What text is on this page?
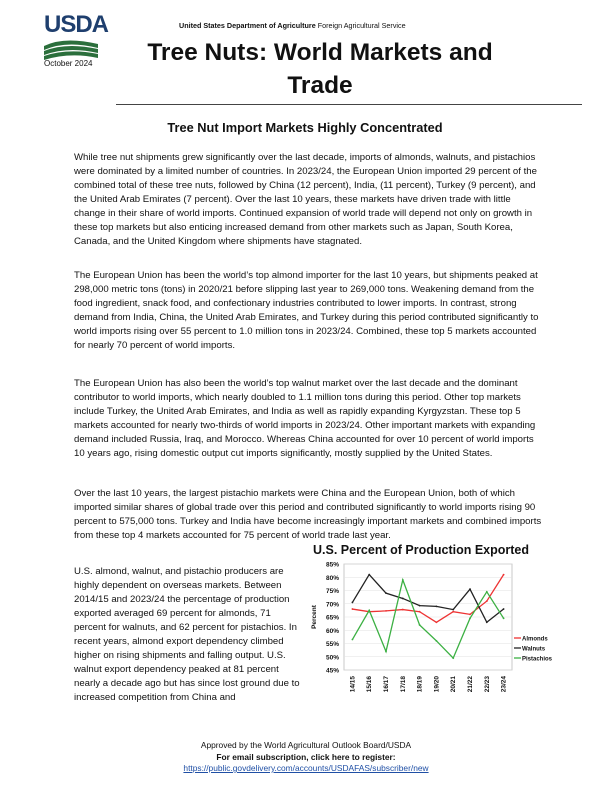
USDA
October 2024
United States Department of Agriculture Foreign Agricultural Service
Tree Nuts: World Markets and Trade
Tree Nut Import Markets Highly Concentrated

While tree nut shipments grew significantly over the last decade, imports of almonds, walnuts, and pistachios were dominated by a limited number of countries. In 2023/24, the European Union imported 29 percent of the combined total of these tree nuts, followed by China (12 percent), India, (11 percent), Turkey (9 percent), and the United Arab Emirates (7 percent). Over the last 10 years, these markets have driven trade with little change in their share of world imports. Continued expansion of world trade will depend not only on growth in these top markets but also enticing increased demand from other markets such as Japan, South Korea, Canada, and the United Kingdom where shipments have stagnated.

The European Union has been the world’s top almond importer for the last 10 years, but shipments peaked at 298,000 metric tons (tons) in 2020/21 before slipping last year to 269,000 tons. Weakening demand from the food ingredient, snack food, and confectionary industries contributed to lower imports. In contrast, strong demand from India, China, the United Arab Emirates, and Turkey during this period contributed significantly to world imports rising over 55 percent to 1.0 million tons in 2023/24. Combined, these top 5 markets accounted for nearly 70 percent of world imports.

The European Union has also been the world’s top walnut market over the last decade and the dominant contributor to world imports, which nearly doubled to 1.1 million tons during this period. Other top markets include Turkey, the United Arab Emirates, and India as well as rapidly expanding Kyrgyzstan. These top 5 markets accounted for nearly two-thirds of world imports in 2023/24. Other important markets with expanding demand included Russia, Iraq, and Morocco. Whereas China accounted for over 10 percent of world imports 10 years ago, rising domestic output cut imports significantly, mostly supplied by the United States.

Over the last 10 years, the largest pistachio markets were China and the European Union, both of which imported similar shares of global trade over this period and contributed significantly to world imports rising 90 percent to 575,000 tons. Turkey and India have become increasingly important markets and combined imports from these top 4 markets accounted for 75 percent of world trade last year.

U.S. almond, walnut, and pistachio producers are highly dependent on overseas markets. Between 2014/15 and 2023/24 the percentage of production exported averaged 69 percent for almonds, 71 percent for walnuts, and 62 percent for pistachios. In recent years, almond export dependency climbed higher on rising shipments and falling output. U.S. walnut export dependency peaked at 81 percent nearly a decade ago but has since lost ground due to increased competition from China and

U.S. Percent of Production Exported
45%
50%
55%
60%
65%
70%
75%
80%
85%
Percent
14/15 15/16 16/17 17/18 18/19 19/20 20/21 21/22 22/23 23/24
Almonds
Walnuts
Pistachios
Approved by the World Agricultural Outlook Board/USDA
For email subscription, click here to register:
https://public.govdelivery.com/accounts/USDAFAS/subscriber/new
